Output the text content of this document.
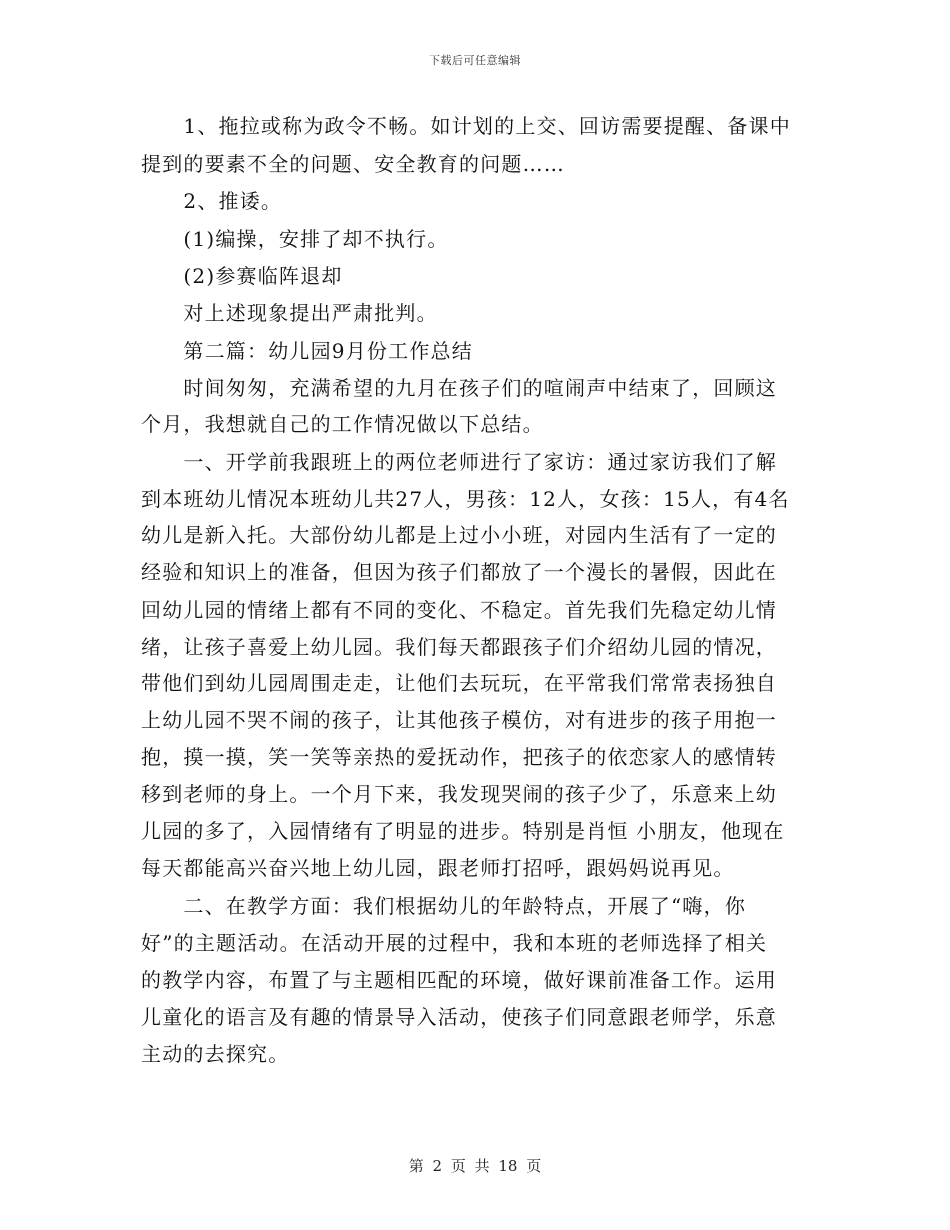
下载后可任意编辑
　　1、拖拉或称为政令不畅。如计划的上交、回访需要提醒、备课中
提到的要素不全的问题、安全教育的问题……
　　2、推诿。
　　(1)编操，安排了却不执行。
　　(2)参赛临阵退却
　　对上述现象提出严肃批判。
　　第二篇：幼儿园9月份工作总结
　　时间匆匆，充满希望的九月在孩子们的喧闹声中结束了，回顾这
个月，我想就自己的工作情况做以下总结。
　　一、开学前我跟班上的两位老师进行了家访：通过家访我们了解
到本班幼儿情况本班幼儿共27人，男孩：12人，女孩：15人，有4名
幼儿是新入托。大部份幼儿都是上过小小班，对园内生活有了一定的
经验和知识上的准备，但因为孩子们都放了一个漫长的暑假，因此在
回幼儿园的情绪上都有不同的变化、不稳定。首先我们先稳定幼儿情
绪，让孩子喜爱上幼儿园。我们每天都跟孩子们介绍幼儿园的情况，
带他们到幼儿园周围走走，让他们去玩玩，在平常我们常常表扬独自
上幼儿园不哭不闹的孩子，让其他孩子模仿，对有进步的孩子用抱一
抱，摸一摸，笑一笑等亲热的爱抚动作，把孩子的依恋家人的感情转
移到老师的身上。一个月下来，我发现哭闹的孩子少了，乐意来上幼
儿园的多了，入园情绪有了明显的进步。特别是肖恒 小朋友，他现在
每天都能高兴奋兴地上幼儿园，跟老师打招呼，跟妈妈说再见。
　　二、在教学方面：我们根据幼儿的年龄特点，开展了“嗨，你
好”的主题活动。在活动开展的过程中，我和本班的老师选择了相关
的教学内容，布置了与主题相匹配的环境，做好课前准备工作。运用
儿童化的语言及有趣的情景导入活动，使孩子们同意跟老师学，乐意
主动的去探究。
第 2 页 共 18 页
